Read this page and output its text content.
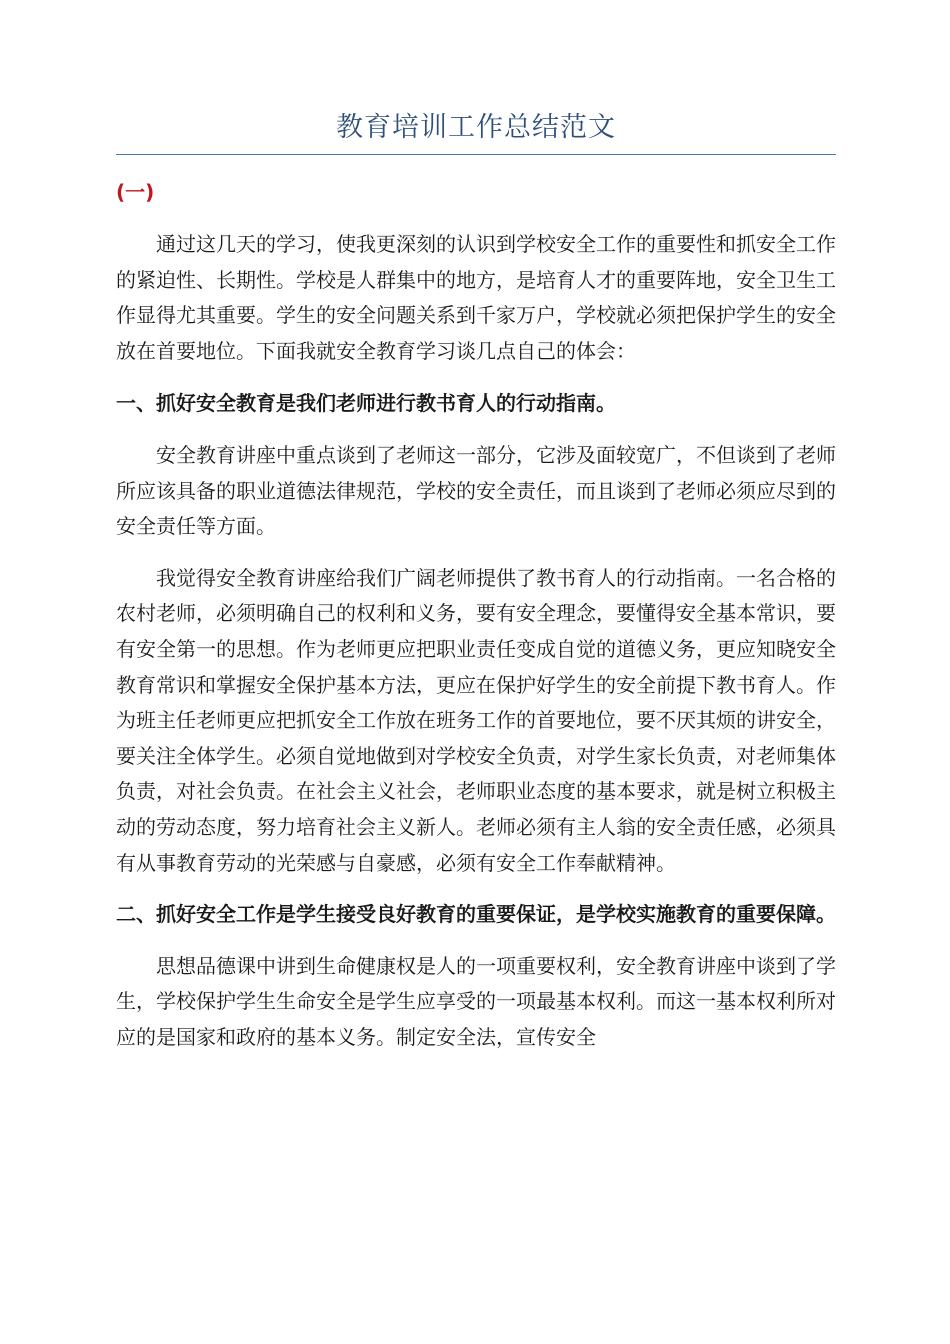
教育培训工作总结范文
(一)

通过这几天的学习，使我更深刻的认识到学校安全工作的重要性和抓安全工作的紧迫性、长期性。学校是人群集中的地方，是培育人才的重要阵地，安全卫生工作显得尤其重要。学生的安全问题关系到千家万户，学校就必须把保护学生的安全放在首要地位。下面我就安全教育学习谈几点自己的体会：

一、抓好安全教育是我们老师进行教书育人的行动指南。

安全教育讲座中重点谈到了老师这一部分，它涉及面较宽广，不但谈到了老师所应该具备的职业道德法律规范，学校的安全责任，而且谈到了老师必须应尽到的安全责任等方面。

我觉得安全教育讲座给我们广阔老师提供了教书育人的行动指南。一名合格的农村老师，必须明确自己的权利和义务，要有安全理念，要懂得安全基本常识，要有安全第一的思想。作为老师更应把职业责任变成自觉的道德义务，更应知晓安全教育常识和掌握安全保护基本方法，更应在保护好学生的安全前提下教书育人。作为班主任老师更应把抓安全工作放在班务工作的首要地位，要不厌其烦的讲安全，要关注全体学生。必须自觉地做到对学校安全负责，对学生家长负责，对老师集体负责，对社会负责。在社会主义社会，老师职业态度的基本要求，就是树立积极主动的劳动态度，努力培育社会主义新人。老师必须有主人翁的安全责任感，必须具有从事教育劳动的光荣感与自豪感，必须有安全工作奉献精神。

二、抓好安全工作是学生接受良好教育的重要保证，是学校实施教育的重要保障。

思想品德课中讲到生命健康权是人的一项重要权利，安全教育讲座中谈到了学生，学校保护学生生命安全是学生应享受的一项最基本权利。而这一基本权利所对应的是国家和政府的基本义务。制定安全法，宣传安全
